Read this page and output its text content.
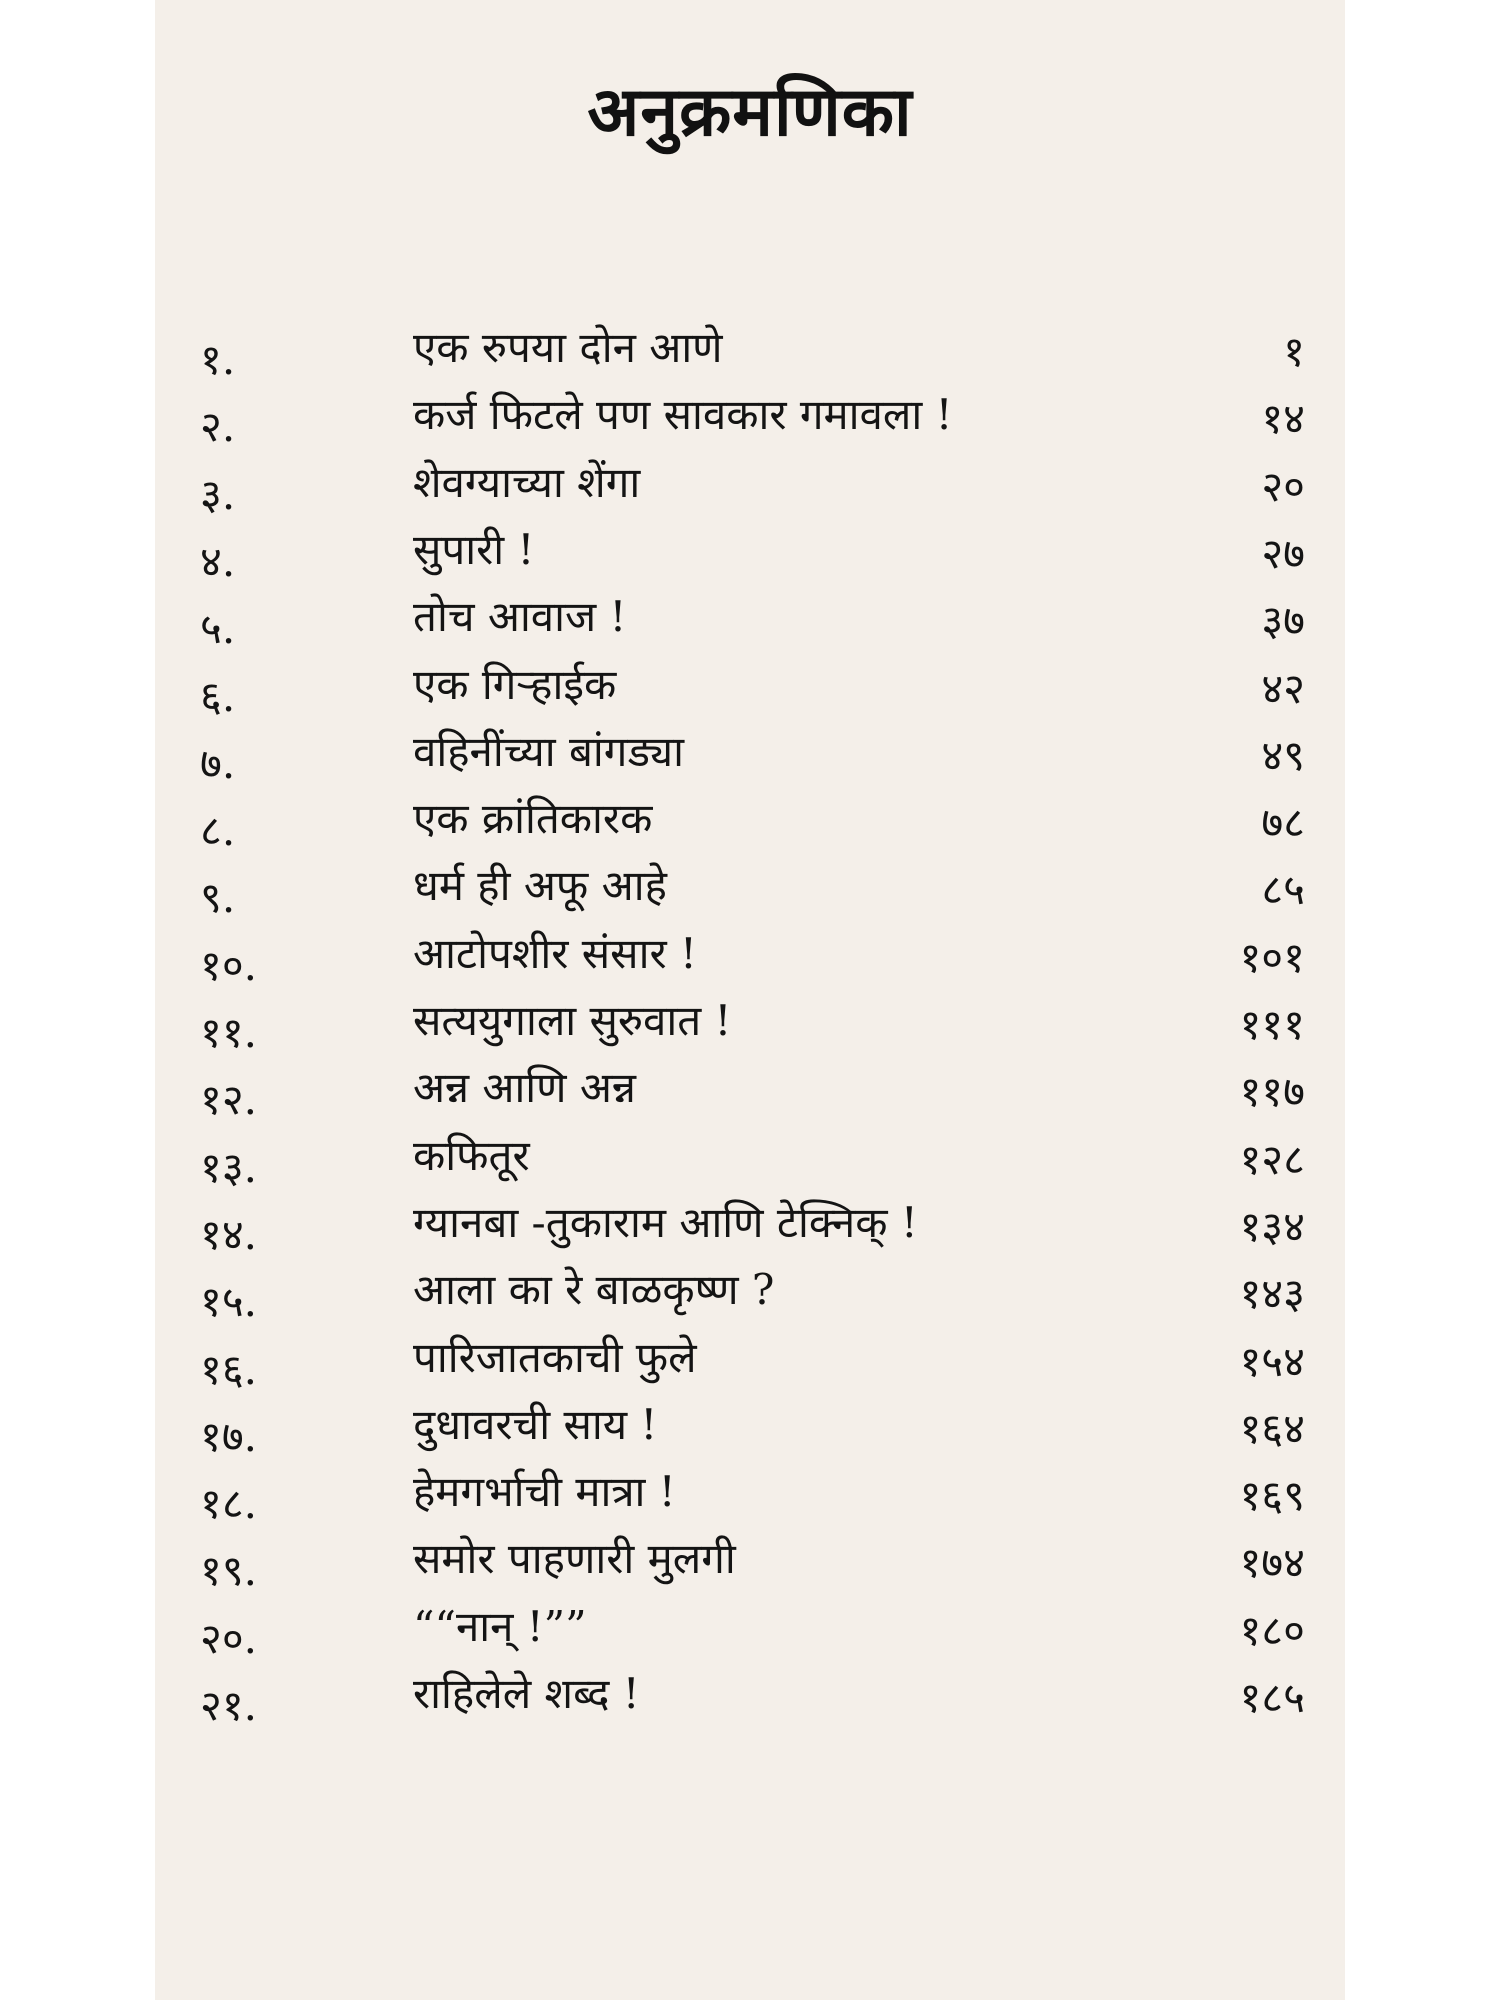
अनुक्रमणिका
१.	एक रुपया दोन आणे	१
२.	कर्ज फिटले पण सावकार गमावला !	१४
३.	शेवग्याच्या शेंगा	२०
४.	सुपारी !	२७
५.	तोच आवाज !	३७
६.	एक गिऱ्हाईक	४२
७.	वहिनींच्या बांगड्या	४९
८.	एक क्रांतिकारक	७८
९.	धर्म ही अफू आहे	८५
१०.	आटोपशीर संसार !	१०१
११.	सत्ययुगाला सुरुवात !	१११
१२.	अन्न आणि अन्न	११७
१३.	कफितूर	१२८
१४.	ग्यानबा -तुकाराम आणि टेक्निक् !	१३४
१५.	आला का रे बाळकृष्ण ?	१४३
१६.	पारिजातकाची फुले	१५४
१७.	दुधावरची साय !	१६४
१८.	हेमगर्भाची मात्रा !	१६९
१९.	समोर पाहणारी मुलगी	१७४
२०.	““नान् !””	१८०
२१.	राहिलेले शब्द !	१८५
